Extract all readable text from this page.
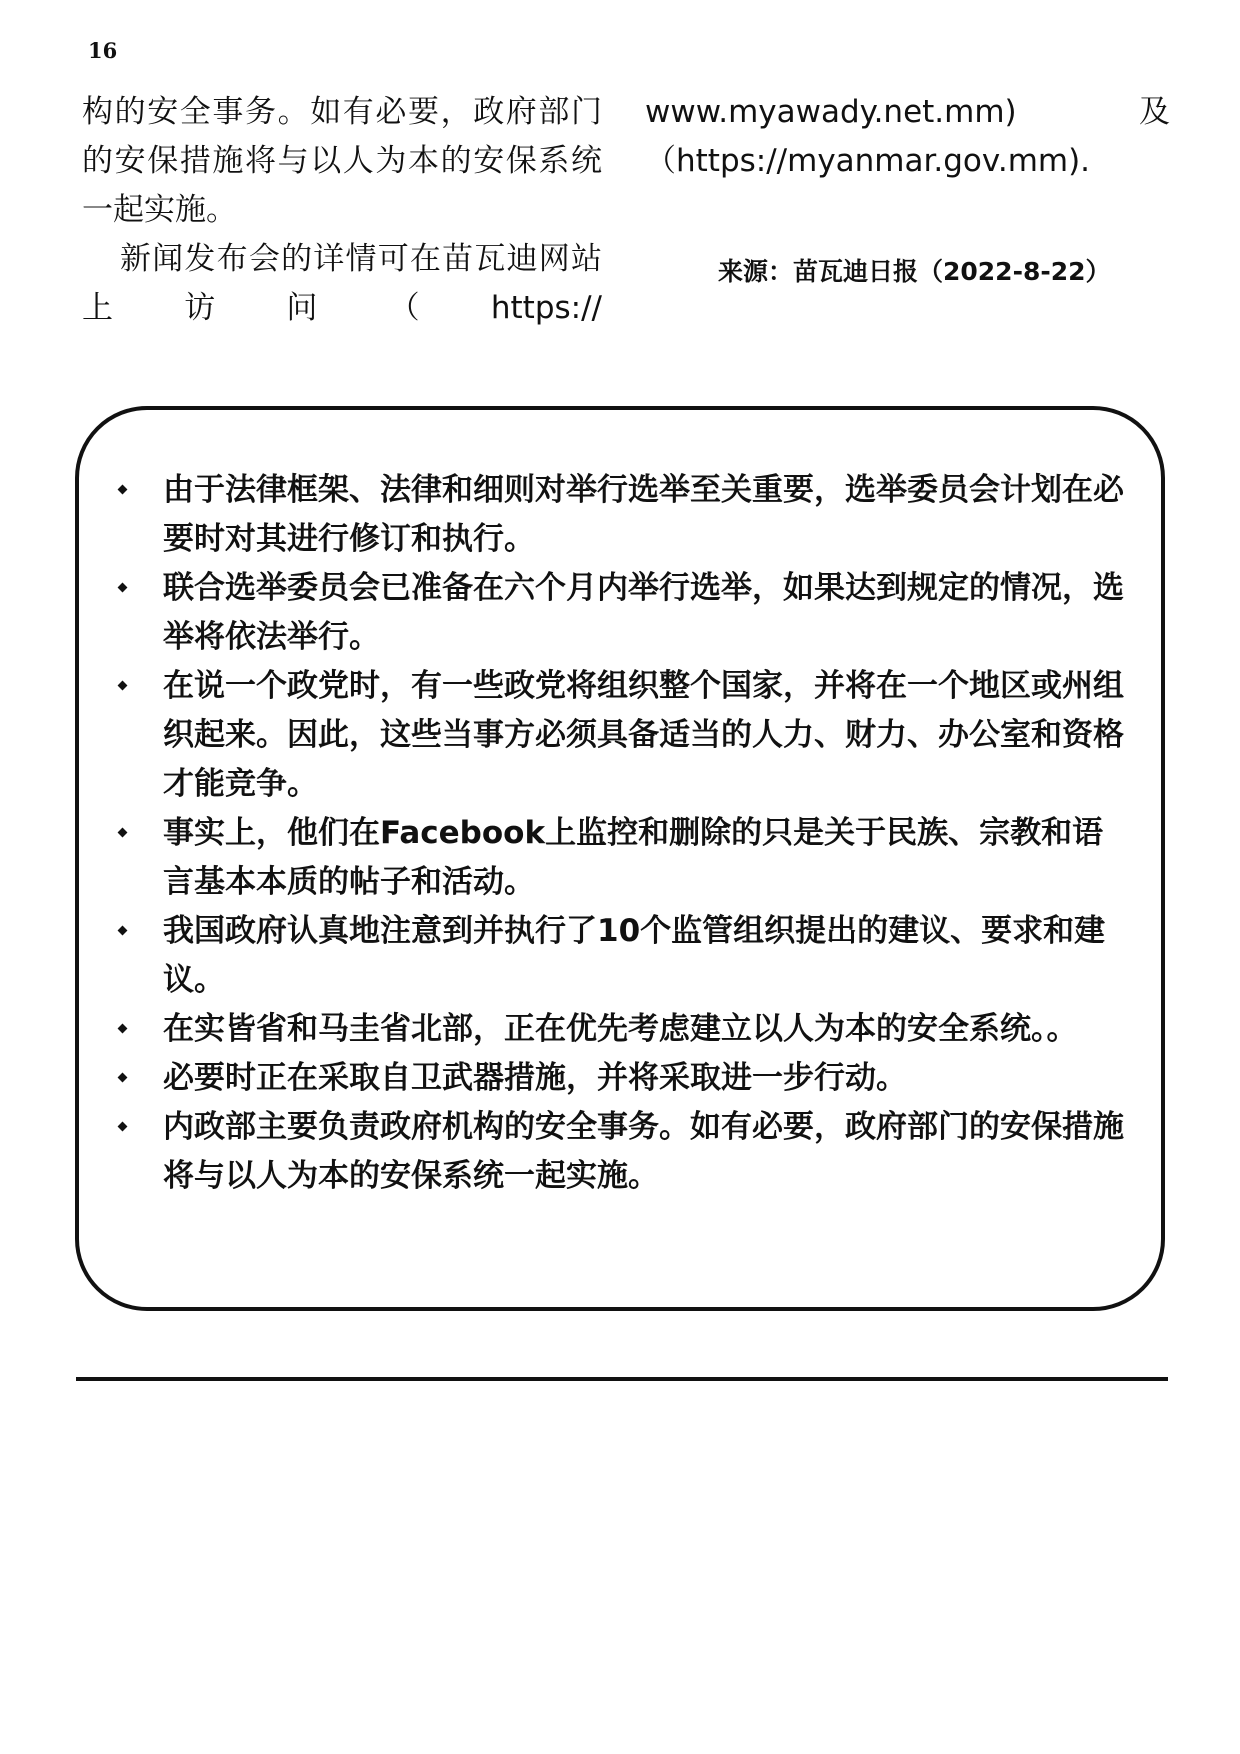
16

构的安全事务。如有必要，政府部门的安保措施将与以人为本的安保系统一起实施。

新闻发布会的详情可在苗瓦迪网站上访问（https://

www.myawady.net.mm)及 （https://myanmar.gov.mm).

来源：苗瓦迪日报（2022-8-22）

由于法律框架、法律和细则对举行选举至关重要，选举委员会计划在必要时对其进行修订和执行。
联合选举委员会已准备在六个月内举行选举，如果达到规定的情况，选举将依法举行。
在说一个政党时，有一些政党将组织整个国家，并将在一个地区或州组织起来。因此，这些当事方必须具备适当的人力、财力、办公室和资格才能竞争。
事实上，他们在Facebook上监控和删除的只是关于民族、宗教和语言基本本质的帖子和活动。
我国政府认真地注意到并执行了10个监管组织提出的建议、要求和建议。
在实皆省和马圭省北部，正在优先考虑建立以人为本的安全系统。。
必要时正在采取自卫武器措施，并将采取进一步行动。
内政部主要负责政府机构的安全事务。如有必要，政府部门的安保措施将与以人为本的安保系统一起实施。
